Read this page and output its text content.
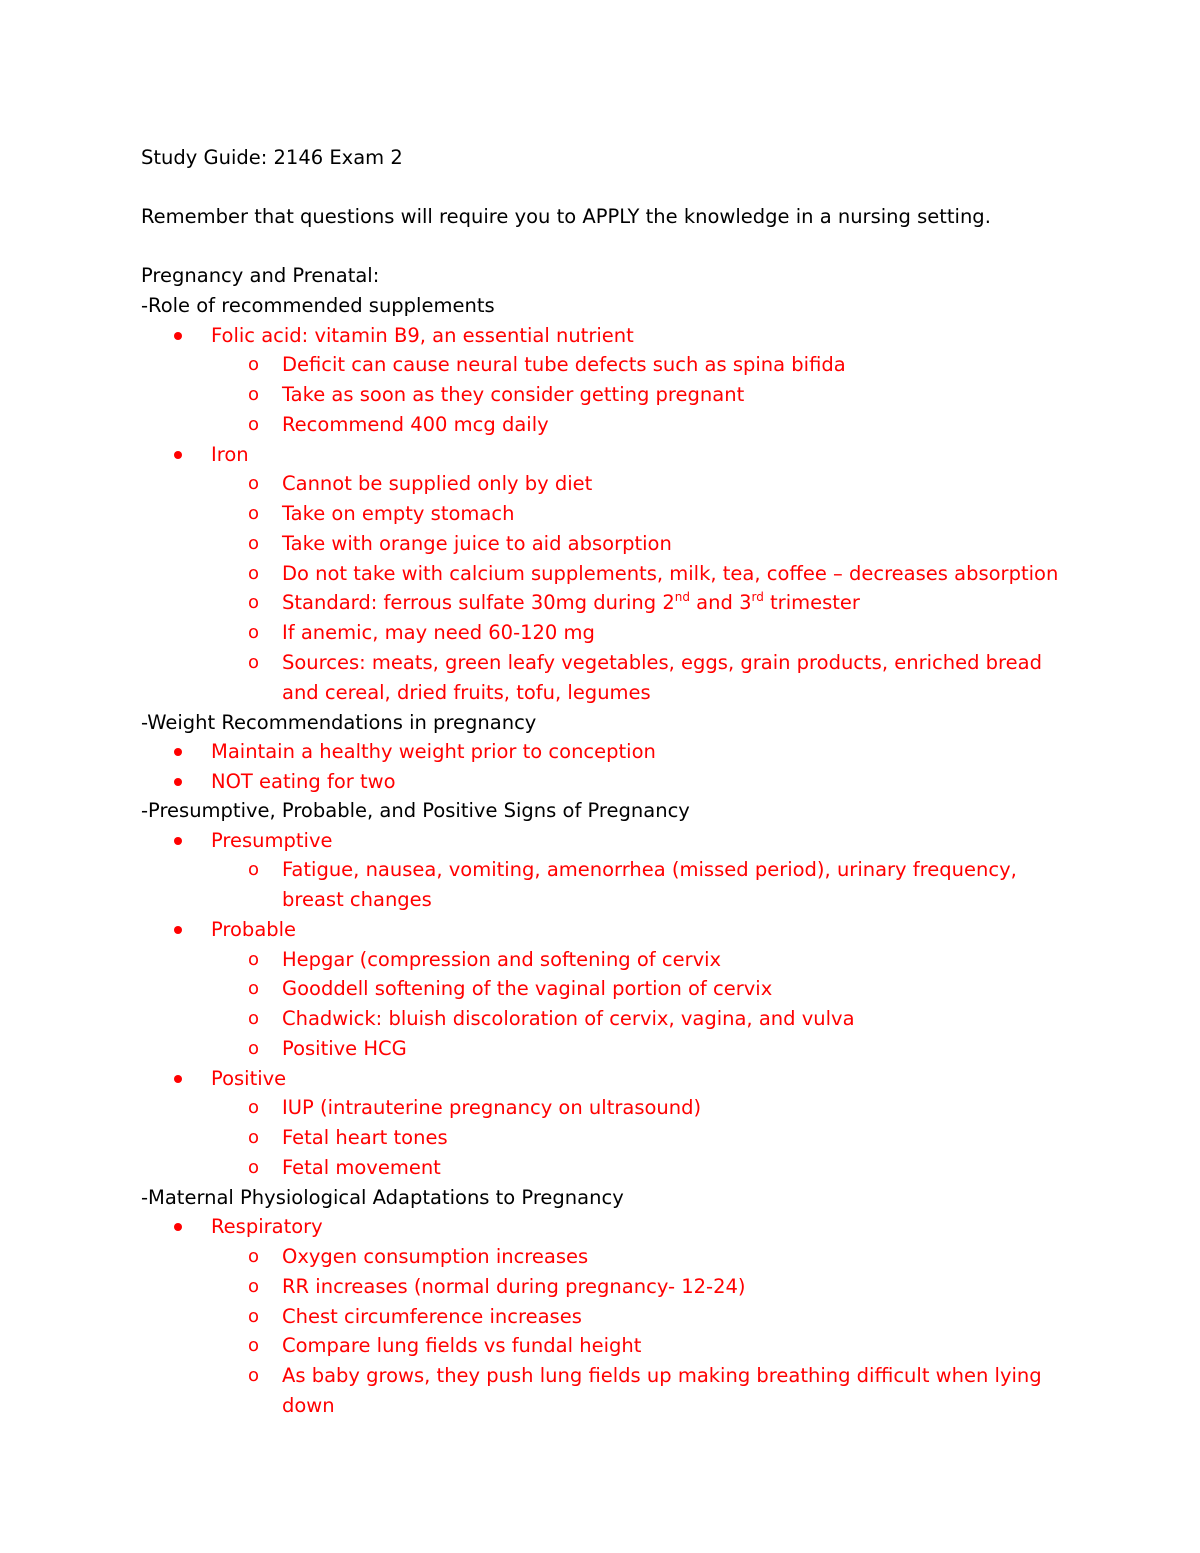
Study Guide: 2146 Exam 2
Remember that questions will require you to APPLY the knowledge in a nursing setting.
Pregnancy and Prenatal:
-Role of recommended supplements
Folic acid: vitamin B9, an essential nutrient
o Deficit can cause neural tube defects such as spina bifida
o Take as soon as they consider getting pregnant
o Recommend 400 mcg daily
Iron
o Cannot be supplied only by diet
o Take on empty stomach
o Take with orange juice to aid absorption
o Do not take with calcium supplements, milk, tea, coffee – decreases absorption
o Standard: ferrous sulfate 30mg during 2nd and 3rd trimester
o If anemic, may need 60-120 mg
o Sources: meats, green leafy vegetables, eggs, grain products, enriched bread and cereal, dried fruits, tofu, legumes
-Weight Recommendations in pregnancy
Maintain a healthy weight prior to conception
NOT eating for two
-Presumptive, Probable, and Positive Signs of Pregnancy
Presumptive
o Fatigue, nausea, vomiting, amenorrhea (missed period), urinary frequency, breast changes
Probable
o Hepgar (compression and softening of cervix
o Gooddell softening of the vaginal portion of cervix
o Chadwick: bluish discoloration of cervix, vagina, and vulva
o Positive HCG
Positive
o IUP (intrauterine pregnancy on ultrasound)
o Fetal heart tones
o Fetal movement
-Maternal Physiological Adaptations to Pregnancy
Respiratory
o Oxygen consumption increases
o RR increases (normal during pregnancy- 12-24)
o Chest circumference increases
o Compare lung fields vs fundal height
o As baby grows, they push lung fields up making breathing difficult when lying down
